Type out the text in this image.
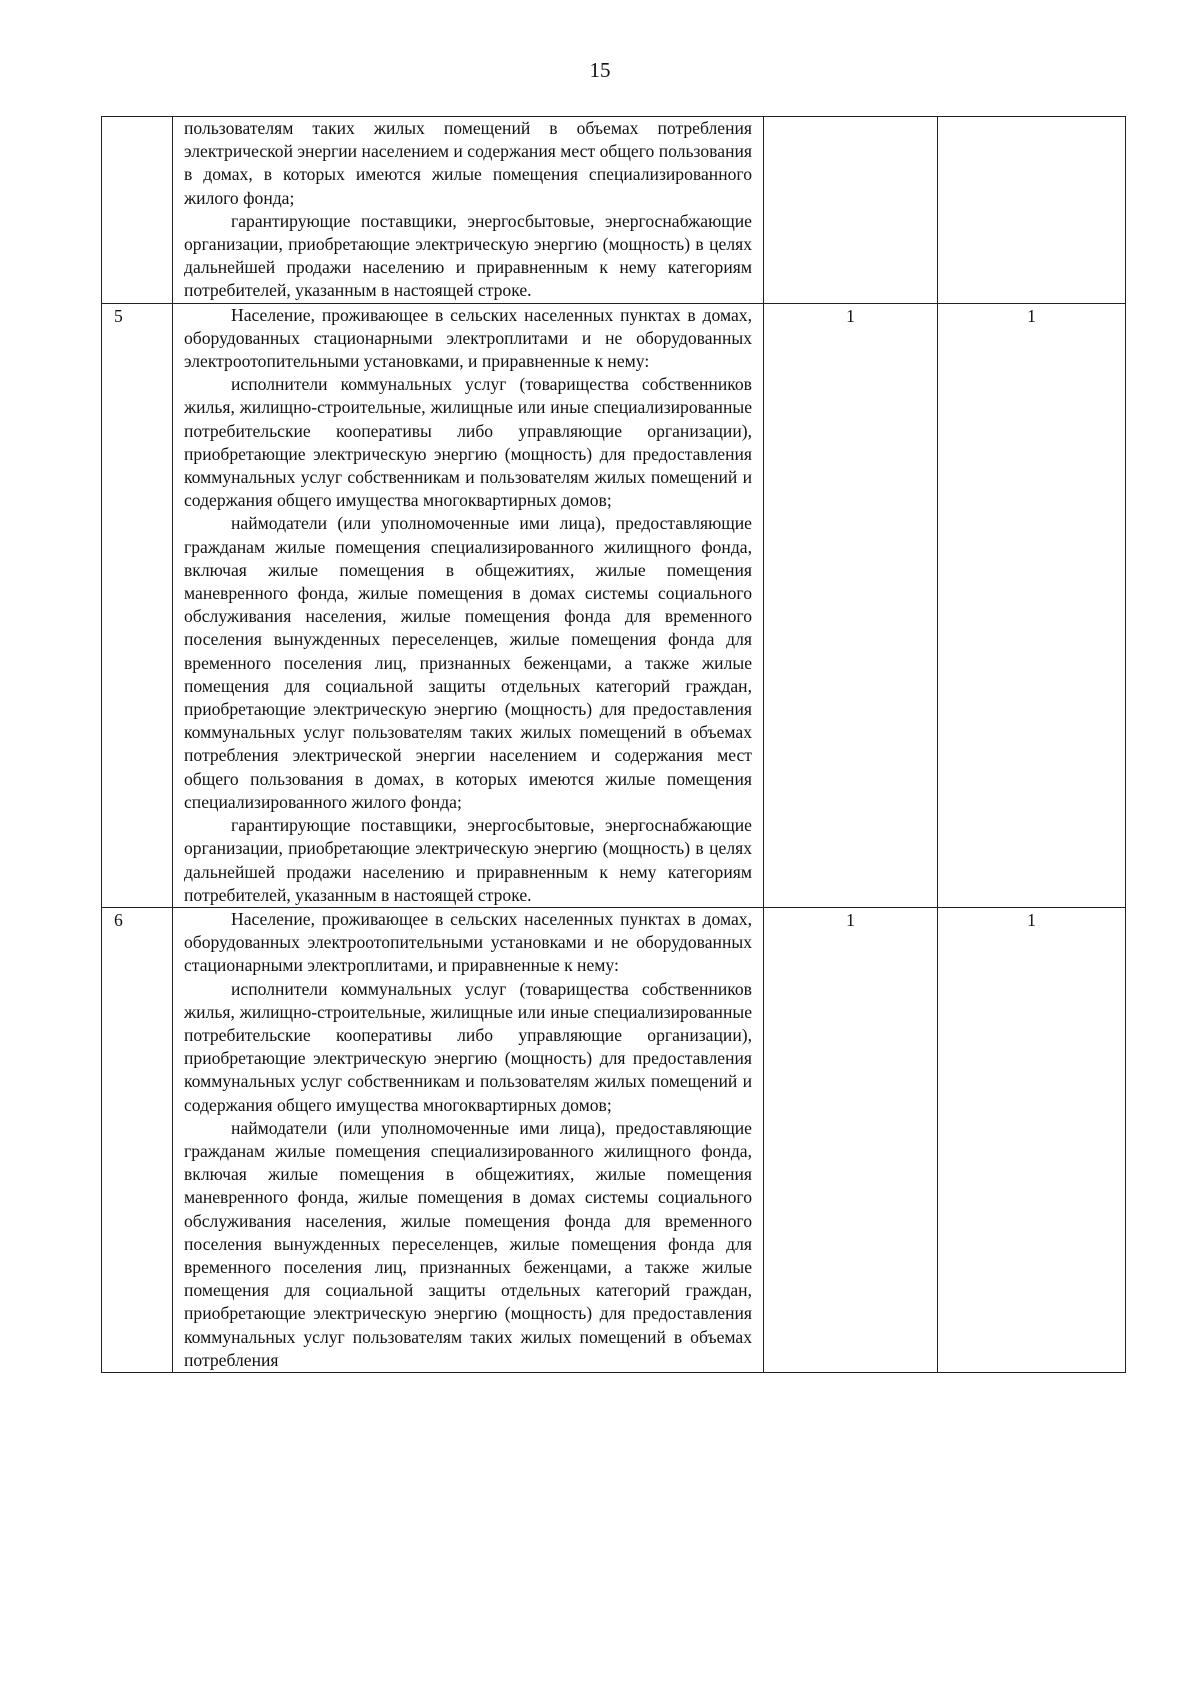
15

	пользователям таких жилых помещений в объемах потребления электрической энергии населением и содержания мест общего пользования в домах, в которых имеются жилые помещения специализированного жилого фонда;

гарантирующие поставщики, энергосбытовые, энергоснабжающие организации, приобретающие электрическую энергию (мощность) в целях дальнейшей продажи населению и приравненным к нему категориям потребителей, указанным в настоящей строке.		

5	Население, проживающее в сельских населенных пунктах в домах, оборудованных стационарными электроплитами и не оборудованных электроотопительными установками, и приравненные к нему:

исполнители коммунальных услуг (товарищества собственников жилья, жилищно-строительные, жилищные или иные специализированные потребительские кооперативы либо управляющие организации), приобретающие электрическую энергию (мощность) для предоставления коммунальных услуг собственникам и пользователям жилых помещений и содержания общего имущества многоквартирных домов;

наймодатели (или уполномоченные ими лица), предоставляющие гражданам жилые помещения специализированного жилищного фонда, включая жилые помещения в общежитиях, жилые помещения маневренного фонда, жилые помещения в домах системы социального обслуживания населения, жилые помещения фонда для временного поселения вынужденных переселенцев, жилые помещения фонда для временного поселения лиц, признанных беженцами, а также жилые помещения для социальной защиты отдельных категорий граждан, приобретающие электрическую энергию (мощность) для предоставления коммунальных услуг пользователям таких жилых помещений в объемах потребления электрической энергии населением и содержания мест общего пользования в домах, в которых имеются жилые помещения специализированного жилого фонда;

гарантирующие поставщики, энергосбытовые, энергоснабжающие организации, приобретающие электрическую энергию (мощность) в целях дальнейшей продажи населению и приравненным к нему категориям потребителей, указанным в настоящей строке.	1	1

6	Население, проживающее в сельских населенных пунктах в домах, оборудованных электроотопительными установками и не оборудованных стационарными электроплитами, и приравненные к нему:

исполнители коммунальных услуг (товарищества собственников жилья, жилищно-строительные, жилищные или иные специализированные потребительские кооперативы либо управляющие организации), приобретающие электрическую энергию (мощность) для предоставления коммунальных услуг собственникам и пользователям жилых помещений и содержания общего имущества многоквартирных домов;

наймодатели (или уполномоченные ими лица), предоставляющие гражданам жилые помещения специализированного жилищного фонда, включая жилые помещения в общежитиях, жилые помещения маневренного фонда, жилые помещения в домах системы социального обслуживания населения, жилые помещения фонда для временного поселения вынужденных переселенцев, жилые помещения фонда для временного поселения лиц, признанных беженцами, а также жилые помещения для социальной защиты отдельных категорий граждан, приобретающие электрическую энергию (мощность) для предоставления коммунальных услуг пользователям таких жилых помещений в объемах потребления	1	1
